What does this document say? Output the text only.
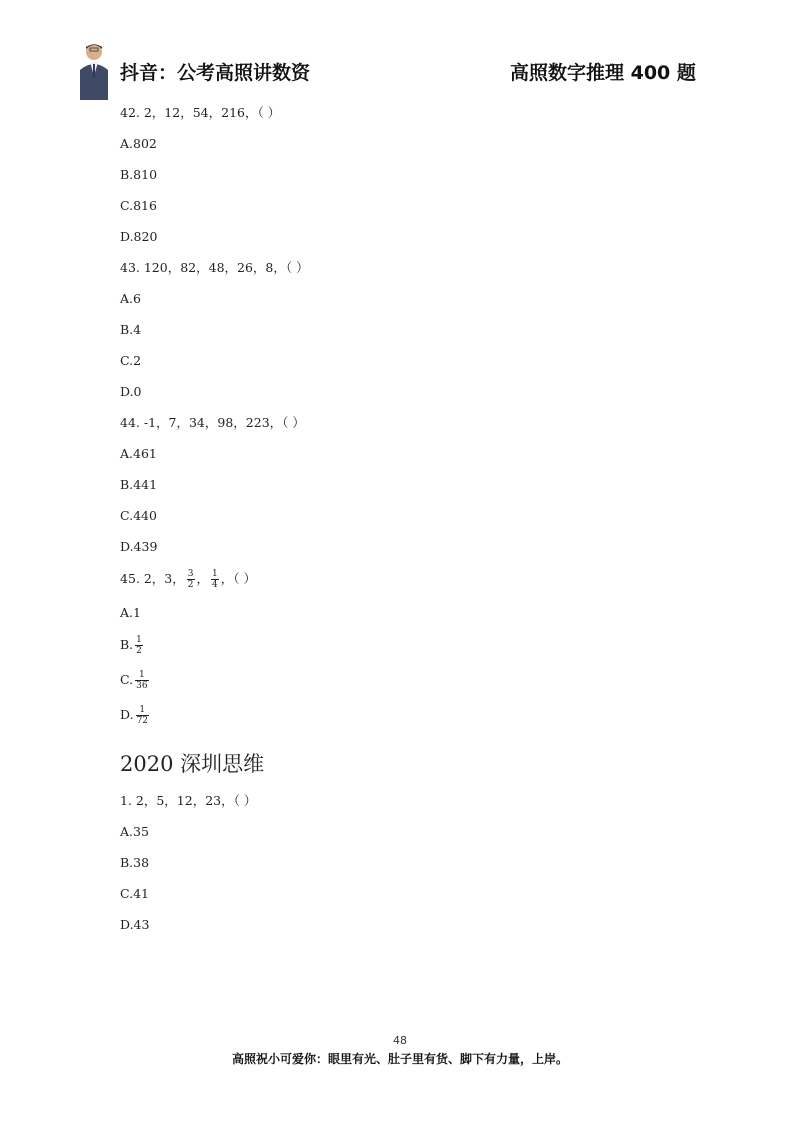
抖音：公考高照讲数资	高照数字推理 400 题

42. 2，12，54，216，（ ）

A.802
B.810
C.816
D.820

43. 120，82，48，26，8，（ ）

A.6
B.4
C.2
D.0

44. -1，7，34，98，223，（ ）

A.461
B.441
C.440
D.439

45. 2，3， $\frac{3}{2}$ ， $\frac{1}{4}$ ，（ ）

A.1
B. $\frac{1}{2}$
C. $\frac{1}{36}$
D. $\frac{1}{72}$
2020 深圳思维

1. 2，5，12，23，（ ）

A.35
B.38
C.41
D.43
48
高照祝小可爱你：眼里有光、肚子里有货、脚下有力量，上岸。
